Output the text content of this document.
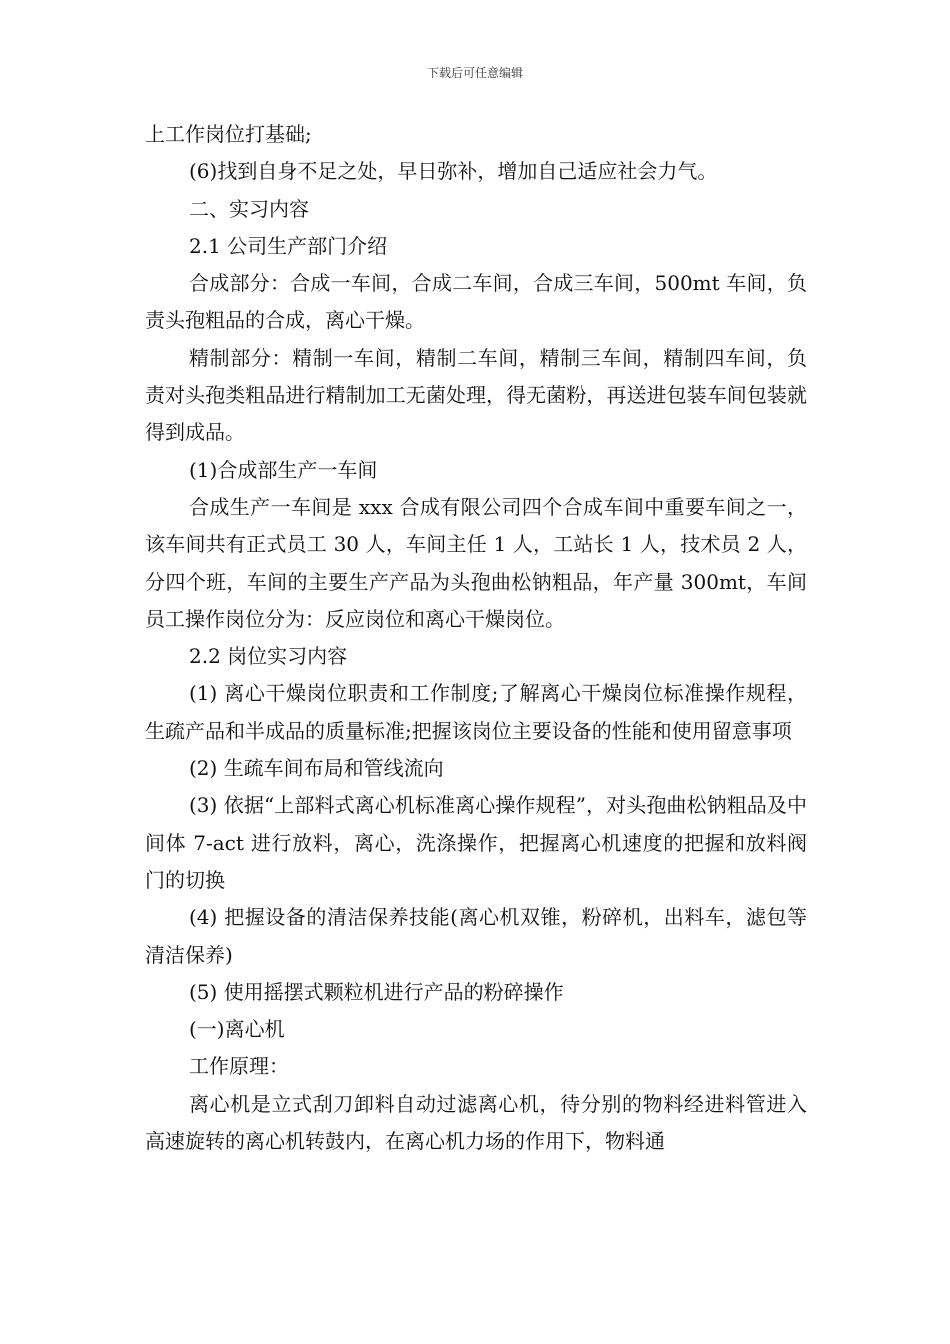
下载后可任意编辑

上工作岗位打基础;

(6)找到自身不足之处，早日弥补，增加自己适应社会力气。

二、实习内容

2.1 公司生产部门介绍

合成部分：合成一车间，合成二车间，合成三车间，500mt 车间，负责头孢粗品的合成，离心干燥。

精制部分：精制一车间，精制二车间，精制三车间，精制四车间，负责对头孢类粗品进行精制加工无菌处理，得无菌粉，再送进包装车间包装就得到成品。

(1)合成部生产一车间

合成生产一车间是 xxx 合成有限公司四个合成车间中重要车间之一，该车间共有正式员工 30 人，车间主任 1 人，工站长 1 人，技术员 2 人，分四个班，车间的主要生产产品为头孢曲松钠粗品，年产量 300mt，车间员工操作岗位分为：反应岗位和离心干燥岗位。

2.2 岗位实习内容

(1) 离心干燥岗位职责和工作制度;了解离心干燥岗位标准操作规程，生疏产品和半成品的质量标准;把握该岗位主要设备的性能和使用留意事项

(2) 生疏车间布局和管线流向

(3) 依据“上部料式离心机标准离心操作规程”，对头孢曲松钠粗品及中间体 7-act 进行放料，离心，洗涤操作，把握离心机速度的把握和放料阀门的切换

(4) 把握设备的清洁保养技能(离心机双锥，粉碎机，出料车，滤包等清洁保养)

(5) 使用摇摆式颗粒机进行产品的粉碎操作

(一)离心机

工作原理：

离心机是立式刮刀卸料自动过滤离心机，待分别的物料经进料管进入高速旋转的离心机转鼓内，在离心机力场的作用下，物料通
